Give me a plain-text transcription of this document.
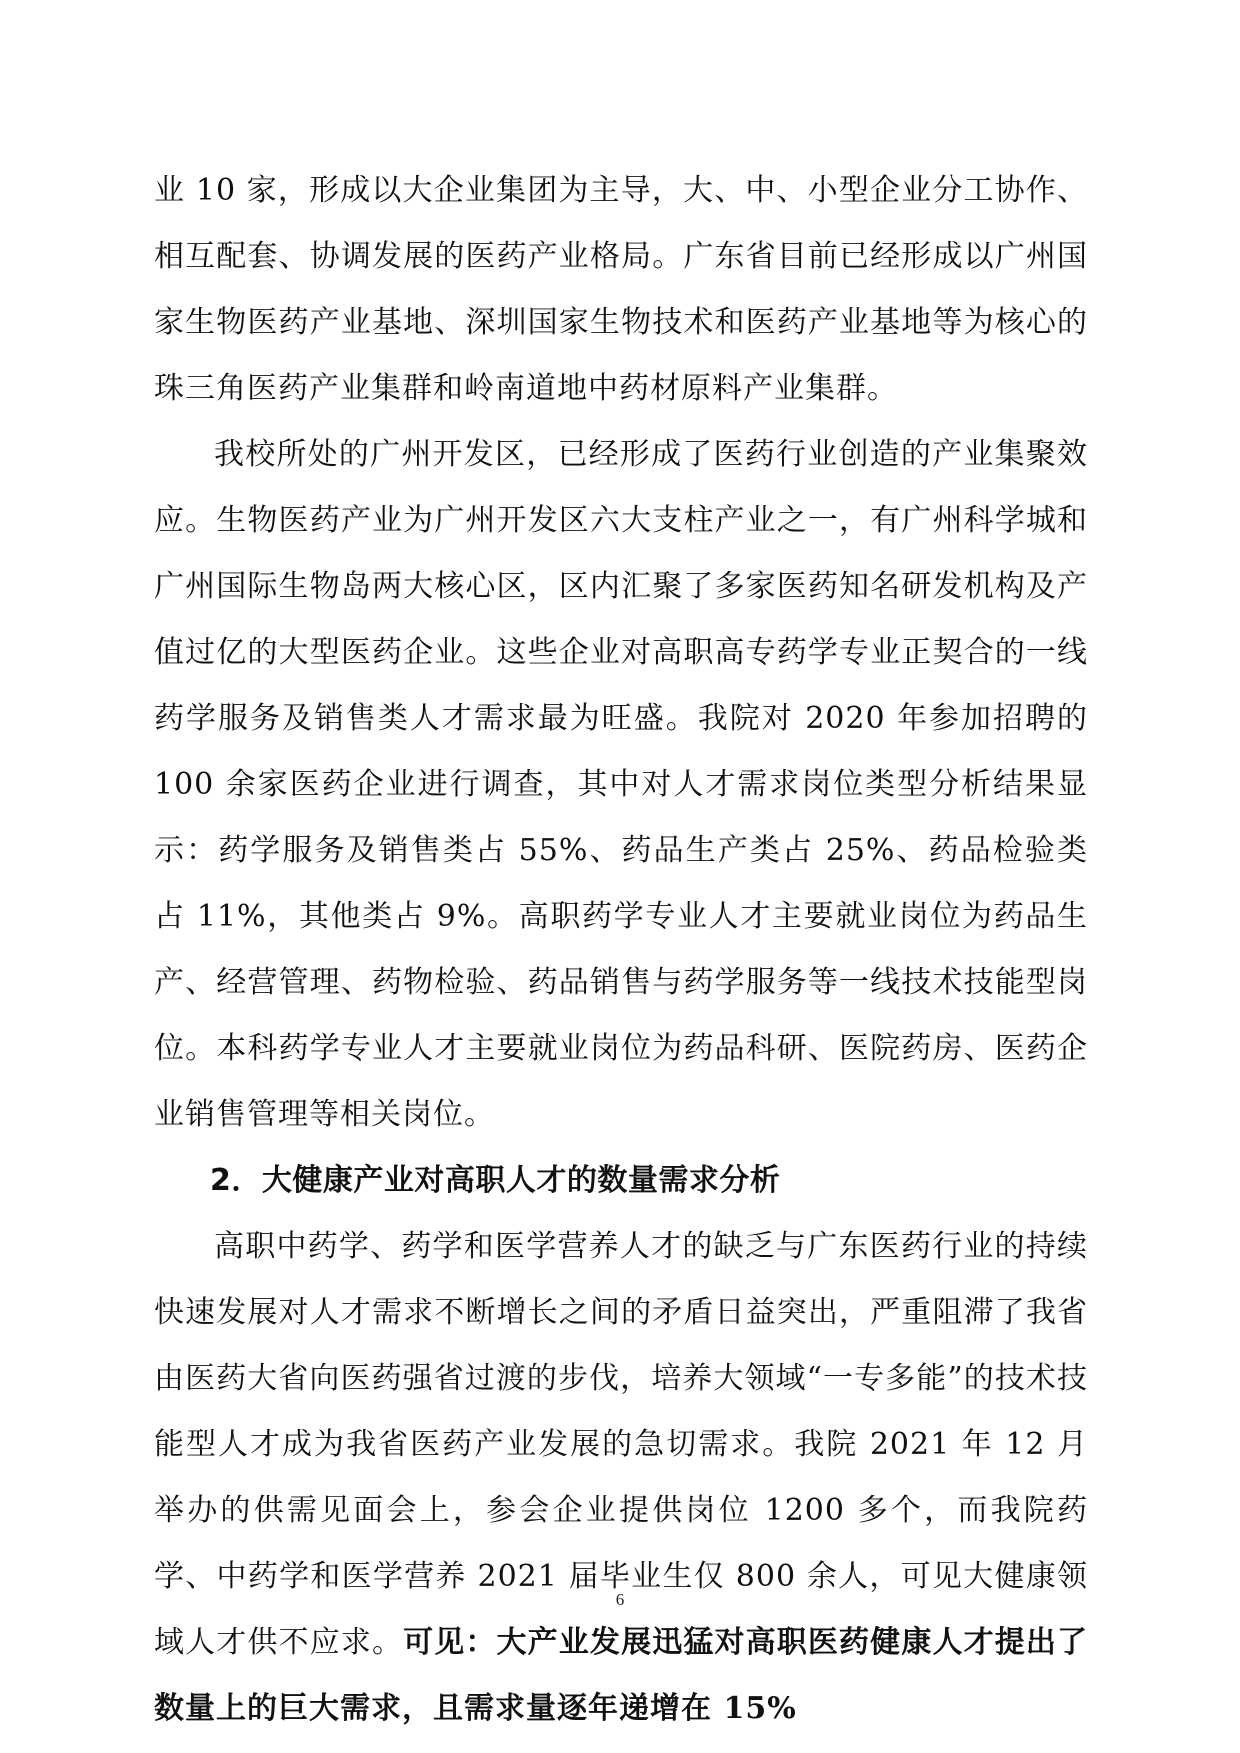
业 10 家，形成以大企业集团为主导，大、中、小型企业分工协作、相互配套、协调发展的医药产业格局。广东省目前已经形成以广州国家生物医药产业基地、深圳国家生物技术和医药产业基地等为核心的珠三角医药产业集群和岭南道地中药材原料产业集群。

我校所处的广州开发区，已经形成了医药行业创造的产业集聚效应。生物医药产业为广州开发区六大支柱产业之一，有广州科学城和广州国际生物岛两大核心区，区内汇聚了多家医药知名研发机构及产值过亿的大型医药企业。这些企业对高职高专药学专业正契合的一线药学服务及销售类人才需求最为旺盛。我院对 2020 年参加招聘的 100 余家医药企业进行调查，其中对人才需求岗位类型分析结果显示：药学服务及销售类占 55%、药品生产类占 25%、药品检验类占 11%，其他类占 9%。高职药学专业人才主要就业岗位为药品生产、经营管理、药物检验、药品销售与药学服务等一线技术技能型岗位。本科药学专业人才主要就业岗位为药品科研、医院药房、医药企业销售管理等相关岗位。

2．大健康产业对高职人才的数量需求分析

高职中药学、药学和医学营养人才的缺乏与广东医药行业的持续快速发展对人才需求不断增长之间的矛盾日益突出，严重阻滞了我省由医药大省向医药强省过渡的步伐，培养大领域“一专多能”的技术技能型人才成为我省医药产业发展的急切需求。我院 2021 年 12 月举办的供需见面会上，参会企业提供岗位 1200 多个，而我院药学、中药学和医学营养 2021 届毕业生仅 800 余人，可见大健康领域人才供不应求。可见：大产业发展迅猛对高职医药健康人才提出了数量上的巨大需求，且需求量逐年递增在 15%

6
